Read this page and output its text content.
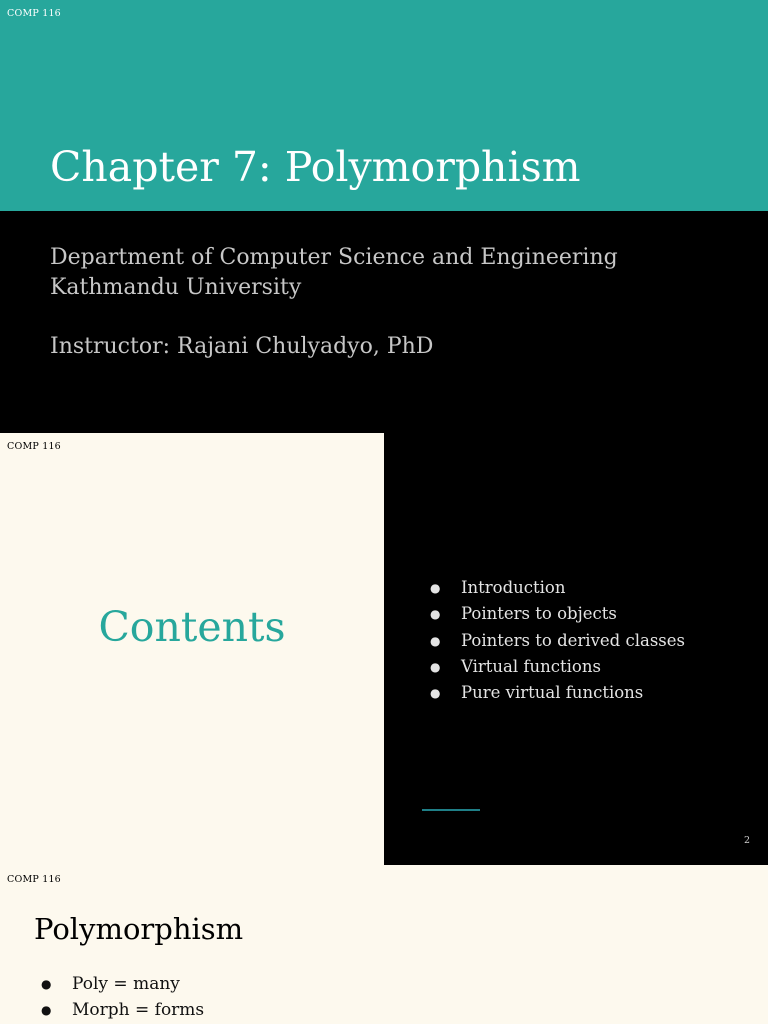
COMP 116
Chapter 7: Polymorphism
Department of Computer Science and Engineering
Kathmandu University
Instructor: Rajani Chulyadyo, PhD
COMP 116
Contents
● Introduction
● Pointers to objects
● Pointers to derived classes
● Virtual functions
● Pure virtual functions
2
COMP 116
Polymorphism
● Poly = many
● Morph = forms
